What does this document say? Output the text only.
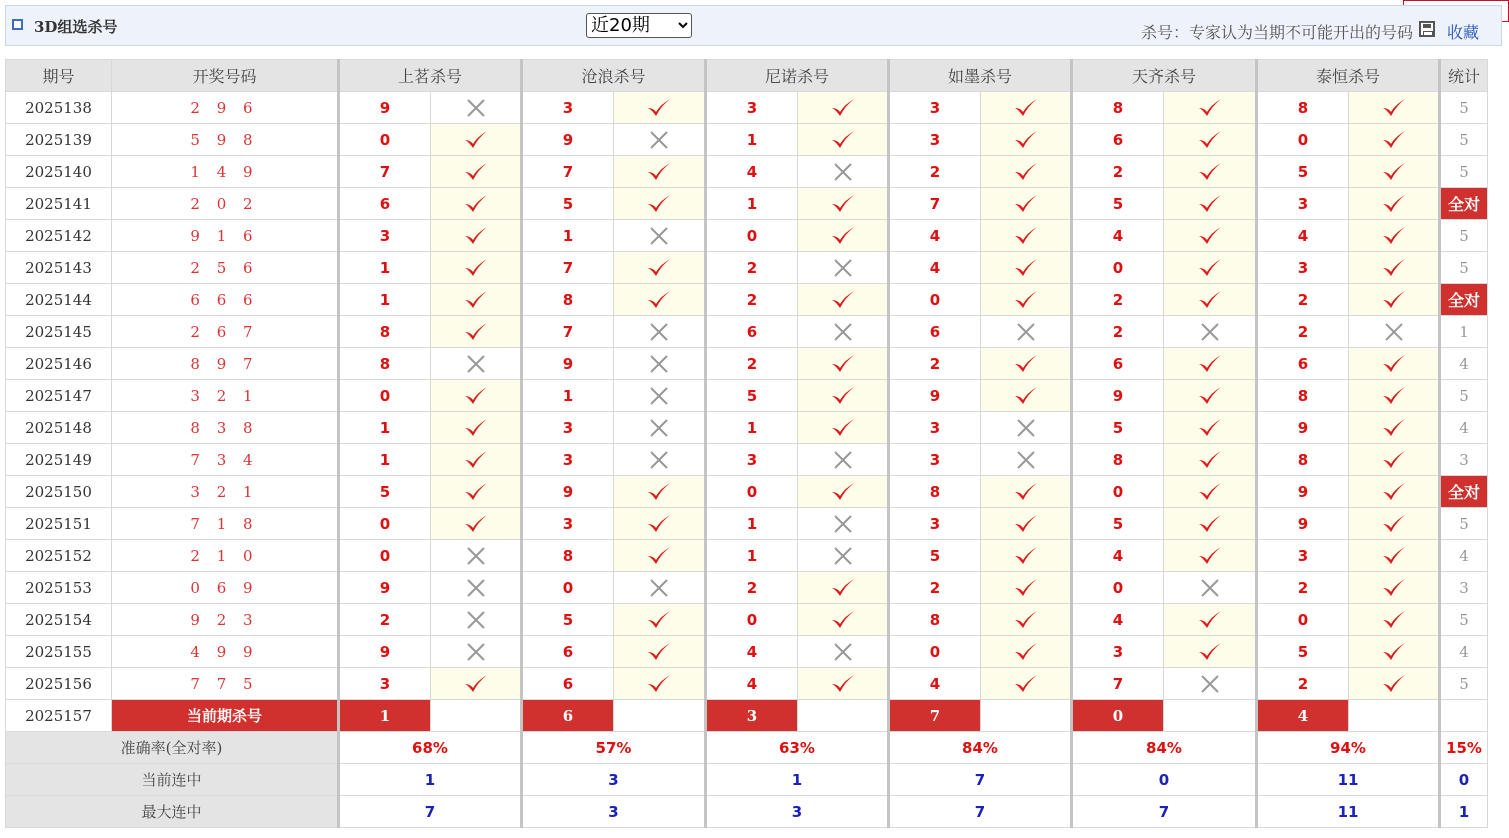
3D组选杀号
近20期	杀号：专家认为当期不可能开出的号码 收藏
期号	开奖号码	上茗杀号		沧浪杀号		尼诺杀号		如墨杀号		天齐杀号		泰恒杀号		统计
2025138	2 9 6	9		3		3		3		8		8		5
2025139	5 9 8	0		9		1		3		6		0		5
2025140	1 4 9	7		7		4		2		2		5		5
2025141	2 0 2	6		5		1		7		5		3		全对
2025142	9 1 6	3		1		0		4		4		4		5
2025143	2 5 6	1		7		2		4		0		3		5
2025144	6 6 6	1		8		2		0		2		2		全对
2025145	2 6 7	8		7		6		6		2		2		1
2025146	8 9 7	8		9		2		2		6		6		4
2025147	3 2 1	0		1		5		9		9		8		5
2025148	8 3 8	1		3		1		3		5		9		4
2025149	7 3 4	1		3		3		3		8		8		3
2025150	3 2 1	5		9		0		8		0		9		全对
2025151	7 1 8	0		3		1		3		5		9		5
2025152	2 1 0	0		8		1		5		4		3		4
2025153	0 6 9	9		0		2		2		0		2		3
2025154	9 2 3	2		5		0		8		4		0		5
2025155	4 9 9	9		6		4		0		3		5		4
2025156	7 7 5	3		6		4		4		7		2		5
2025157	当前期杀号	1		6		3		7		0		4		
准确率(全对率)		68%		57%		63%		84%		84%		94%		15%
当前连中		1		3		1		7		0		11		0
最大连中		7		3		3		7		7		11		1
